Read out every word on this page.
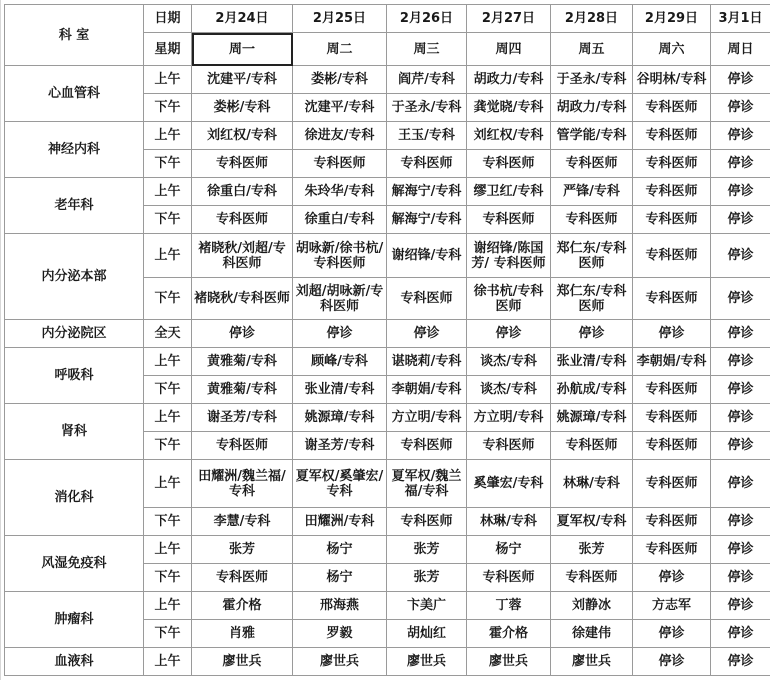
科 室	日期	2月24日	2月25日	2月26日	2月27日	2月28日	2月29日	3月1日
	星期	周一	周二	周三	周四	周五	周六	周日
心血管科	上午	沈建平/专科	娄彬/专科	阎芹/专科	胡政力/专科	于圣永/专科	谷明林/专科	停诊
	下午	娄彬/专科	沈建平/专科	于圣永/专科	龚觉晓/专科	胡政力/专科	专科医师	停诊
神经内科	上午	刘红权/专科	徐进友/专科	王玉/专科	刘红权/专科	管学能/专科	专科医师	停诊
	下午	专科医师	专科医师	专科医师	专科医师	专科医师	专科医师	停诊
老年科	上午	徐重白/专科	朱玲华/专科	解海宁/专科	缪卫红/专科	严锋/专科	专科医师	停诊
	下午	专科医师	徐重白/专科	解海宁/专科	专科医师	专科医师	专科医师	停诊
内分泌本部	上午	褚晓秋/刘超/专科医师	胡咏新/徐书杭/专科医师	谢绍锋/专科	谢绍锋/陈国芳/ 专科医师	郑仁东/专科医师	专科医师	停诊
	下午	褚晓秋/专科医师	刘超/胡咏新/专科医师	专科医师	徐书杭/专科医师	郑仁东/专科医师	专科医师	停诊
内分泌院区	全天	停诊	停诊	停诊	停诊	停诊	停诊	停诊
呼吸科	上午	黄雅菊/专科	顾峰/专科	谌晓莉/专科	谈杰/专科	张业清/专科	李朝娟/专科	停诊
	下午	黄雅菊/专科	张业清/专科	李朝娟/专科	谈杰/专科	孙航成/专科	专科医师	停诊
肾科	上午	谢圣芳/专科	姚源璋/专科	方立明/专科	方立明/专科	姚源璋/专科	专科医师	停诊
	下午	专科医师	谢圣芳/专科	专科医师	专科医师	专科医师	专科医师	停诊
消化科	上午	田耀洲/魏兰福/专科	夏军权/奚肇宏/专科	夏军权/魏兰福/专科	奚肇宏/专科	林琳/专科	专科医师	停诊
	下午	李慧/专科	田耀洲/专科	专科医师	林琳/专科	夏军权/专科	专科医师	停诊
风湿免疫科	上午	张芳	杨宁	张芳	杨宁	张芳	专科医师	停诊
	下午	专科医师	杨宁	张芳	专科医师	专科医师	停诊	停诊
肿瘤科	上午	霍介格	邢海燕	卞美广	丁蓉	刘静冰	方志军	停诊
	下午	肖雅	罗毅	胡灿红	霍介格	徐建伟	停诊	停诊
血液科	上午	廖世兵	廖世兵	廖世兵	廖世兵	廖世兵	停诊	停诊
